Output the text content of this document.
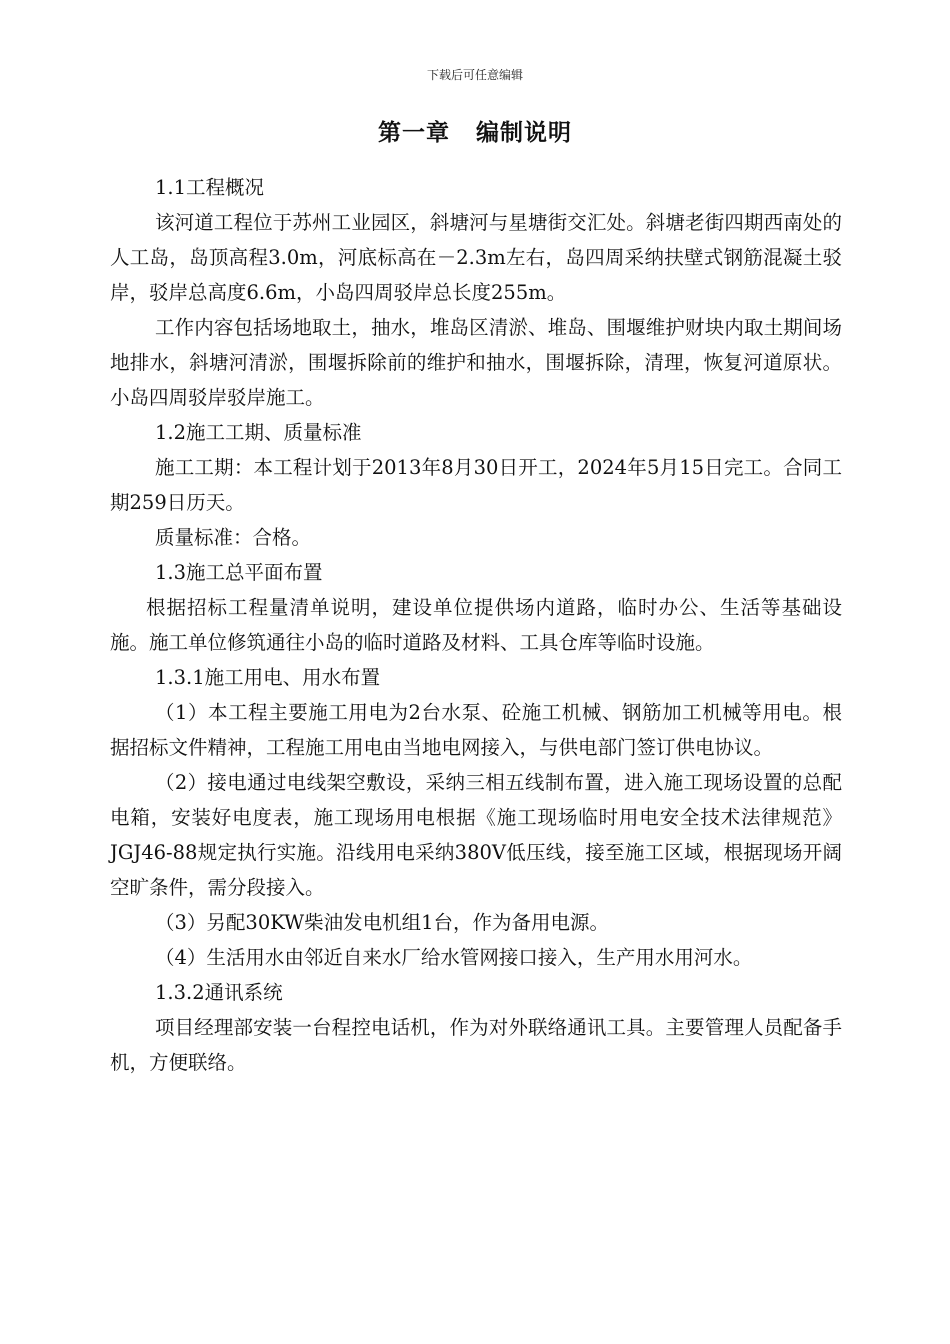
下载后可任意编辑
第一章 编制说明

1.1工程概况

该河道工程位于苏州工业园区，斜塘河与星塘街交汇处。斜塘老街四期西南处的人工岛，岛顶高程3.0m，河底标高在－2.3m左右，岛四周采纳扶壁式钢筋混凝土驳岸，驳岸总高度6.6m，小岛四周驳岸总长度255m。

工作内容包括场地取土，抽水，堆岛区清淤、堆岛、围堰维护财块内取土期间场地排水，斜塘河清淤，围堰拆除前的维护和抽水，围堰拆除，清理，恢复河道原状。小岛四周驳岸驳岸施工。

1.2施工工期、质量标准

施工工期：本工程计划于2013年8月30日开工，2024年5月15日完工。合同工期259日历天。

质量标准：合格。

1.3施工总平面布置

根据招标工程量清单说明，建设单位提供场内道路，临时办公、生活等基础设施。施工单位修筑通往小岛的临时道路及材料、工具仓库等临时设施。

1.3.1施工用电、用水布置

（1）本工程主要施工用电为2台水泵、砼施工机械、钢筋加工机械等用电。根据招标文件精神，工程施工用电由当地电网接入，与供电部门签订供电协议。

（2）接电通过电线架空敷设，采纳三相五线制布置，进入施工现场设置的总配电箱，安装好电度表，施工现场用电根据《施工现场临时用电安全技术法律规范》JGJ46-88规定执行实施。沿线用电采纳380V低压线，接至施工区域，根据现场开阔空旷条件，需分段接入。

（3）另配30KW柴油发电机组1台，作为备用电源。

（4）生活用水由邻近自来水厂给水管网接口接入，生产用水用河水。

1.3.2通讯系统

项目经理部安装一台程控电话机，作为对外联络通讯工具。主要管理人员配备手机，方便联络。
